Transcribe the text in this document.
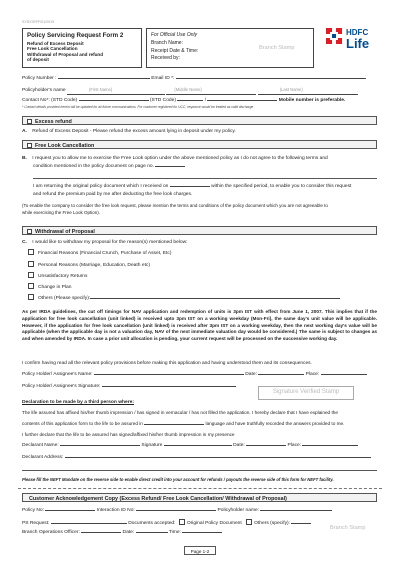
SYS/GRPF/01/2019
Policy Servicing Request Form 2
Refund of Excess Deposit
Free Look Cancellation
Withdrawal of Proposal and refund
of deposit
For Official Use Only
Branch Name:
Receipt Date & Time:
Received by:
Branch Stamp
HDFC
Life
Policy Number :	Email ID *:
Policyholder's name	(First Name)	(Middle Name)	(Last Name)
Contact No*: (STD Code)	(STD Code)	/	Mobile number is preferable.
* Contact details provided herein will be updated for all future communications. For customer registered for UCC, response would be treated as valid discharge
Excess refund
A. Refund of Excess Deposit - Please refund the excess amount lying in deposit under my policy.
Free Look Cancellation
B. I request you to allow me to exercise the Free Look option under the above mentioned policy as I do not agree to the following terms and
condition mentioned in the policy document on page no.
I am returning the original policy document which I received on	within the specified period, to enable you to consider this request
and refund the premium paid by me after deducting the free look charges.
(To enable the company to consider the free look request, please mention the terms and conditions of the policy document which you are not agreeable to
while exercising the Free Look Option).
Withdrawal of Proposal
C. I would like to withdraw my proposal for the reason(s) mentioned below:
Financial Reasons (Financial Crunch, Purchase of Asset, Etc)
Personal Reasons (Marriage, Education, Death etc)
Unsatisfactory Returns
Change in Plan
Others (Please specify):
As per IRDA guidelines, the cut off timings for NAV application and redemption of units is 3pm IST with effect from June 1, 2007. This implies that if the application for free look cancellation (unit linked) is received upto 3pm IST on a working weekday (Mon-Fri), the same day's unit value will be applicable. However, if the application for free look cancellation (unit linked) is received after 3pm IST on a working weekday, then the next working day's value will be applicable (when the applicable day is not a valuation day, NAV of the next immediate valuation day would be considered.) The same is subject to changes as and when amended by IRDA. In case a prior unit allocation is pending, your current request will be processed on the successive working day.
I confirm having read all the relevant policy provisions before making this application and having understood them and its consequences.
Policy Holder/ Assignee's Name:	Date:	Place:
Policy Holder/ Assignee's Signature:
Signature Verified Stamp
Declaration to be made by a third person where:
The life assured has affixed his/her thumb impression / has signed in vernacular / has not filled the application. I hereby declare that I have explained the
contents of this application form to the life to be assured in	language and have truthfully recorded the answers provided to me.
I further declare that the life to be assured has signed/affixed his/her thumb impression in my presence
Declarant Name:	Signature	Date:	Place:
Declarant Address:
Please fill the NEFT Mandate on the reverse side to enable direct credit into your account for refunds / payouts the reverse side of this form for NEFT facility.
Customer Acknowledgement Copy (Excess Refund/ Free Look Cancellation/ Withdrawal of Proposal)
Policy No:	Interaction ID No:	Policyholder name:
PS Request:	Documents accepted: Original Policy Document	Others (specify):
Branch Operations Officer:	Date:	Time:
Branch Stamp
Page 1-2
